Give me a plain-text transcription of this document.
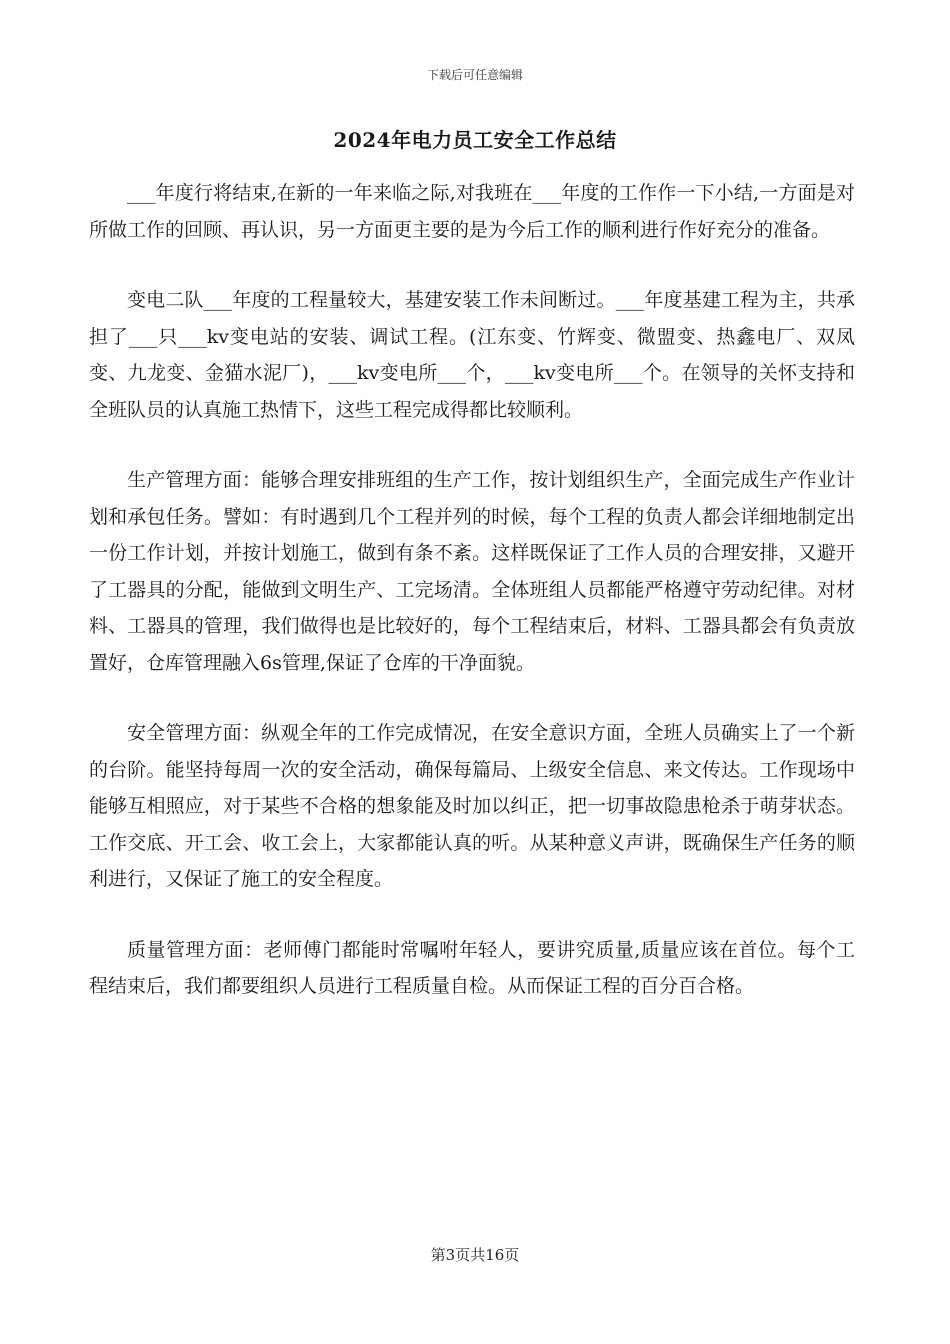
下载后可任意编辑
2024年电力员工安全工作总结

___年度行将结束,在新的一年来临之际,对我班在___年度的工作作一下小结,一方面是对所做工作的回顾、再认识，另一方面更主要的是为今后工作的顺利进行作好充分的准备。

变电二队___年度的工程量较大，基建安装工作未间断过。___年度基建工程为主，共承担了___只___kv变电站的安装、调试工程。(江东变、竹辉变、微盟变、热鑫电厂、双凤变、九龙变、金猫水泥厂)，___kv变电所___个，___kv变电所___个。在领导的关怀支持和全班队员的认真施工热情下，这些工程完成得都比较顺利。

生产管理方面：能够合理安排班组的生产工作，按计划组织生产，全面完成生产作业计划和承包任务。譬如：有时遇到几个工程并列的时候，每个工程的负责人都会详细地制定出一份工作计划，并按计划施工，做到有条不紊。这样既保证了工作人员的合理安排，又避开了工器具的分配，能做到文明生产、工完场清。全体班组人员都能严格遵守劳动纪律。对材料、工器具的管理，我们做得也是比较好的，每个工程结束后，材料、工器具都会有负责放置好，仓库管理融入6s管理,保证了仓库的干净面貌。

安全管理方面：纵观全年的工作完成情况，在安全意识方面，全班人员确实上了一个新的台阶。能坚持每周一次的安全活动，确保每篇局、上级安全信息、来文传达。工作现场中能够互相照应，对于某些不合格的想象能及时加以纠正，把一切事故隐患枪杀于萌芽状态。工作交底、开工会、收工会上，大家都能认真的听。从某种意义声讲，既确保生产任务的顺利进行，又保证了施工的安全程度。

质量管理方面：老师傅门都能时常嘱咐年轻人，要讲究质量,质量应该在首位。每个工程结束后，我们都要组织人员进行工程质量自检。从而保证工程的百分百合格。

第3页共16页
